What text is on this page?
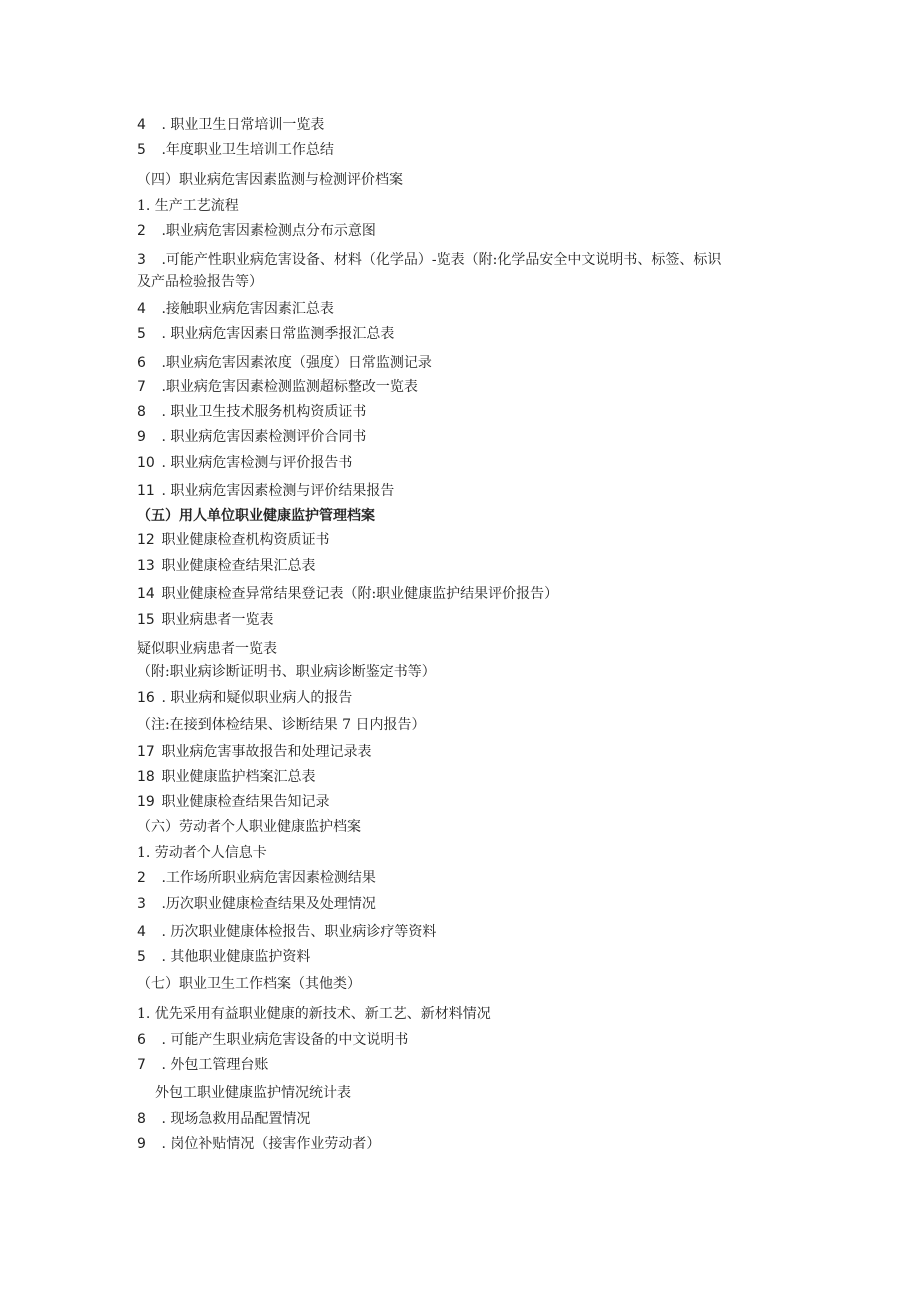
4 . 职业卫生日常培训一览表
5 .年度职业卫生培训工作总结
（四）职业病危害因素监测与检测评价档案
1. 生产工艺流程
2 .职业病危害因素检测点分布示意图
3 .可能产性职业病危害设备、材料（化学品）-览表（附:化学品安全中文说明书、标签、标识
及产品检验报告等）
4 .接触职业病危害因素汇总表
5 . 职业病危害因素日常监测季报汇总表
6 .职业病危害因素浓度（强度）日常监测记录
7 .职业病危害因素检测监测超标整改一览表
8 . 职业卫生技术服务机构资质证书
9 . 职业病危害因素检测评价合同书
10 . 职业病危害检测与评价报告书
11 . 职业病危害因素检测与评价结果报告
（五）用人单位职业健康监护管理档案
12 职业健康检查机构资质证书
13 职业健康检查结果汇总表
14 职业健康检查异常结果登记表（附:职业健康监护结果评价报告）
15 职业病患者一览表
疑似职业病患者一览表
（附:职业病诊断证明书、职业病诊断鉴定书等）
16 . 职业病和疑似职业病人的报告
（注:在接到体检结果、诊断结果 7 日内报告）
17 职业病危害事故报告和处理记录表
18 职业健康监护档案汇总表
19 职业健康检查结果告知记录
（六）劳动者个人职业健康监护档案
1. 劳动者个人信息卡
2 .工作场所职业病危害因素检测结果
3 .历次职业健康检查结果及处理情况
4 . 历次职业健康体检报告、职业病诊疗等资料
5 . 其他职业健康监护资料
（七）职业卫生工作档案（其他类）
1. 优先采用有益职业健康的新技术、新工艺、新材料情况
6 . 可能产生职业病危害设备的中文说明书
7 . 外包工管理台账
外包工职业健康监护情况统计表
8 . 现场急救用品配置情况
9 . 岗位补贴情况（接害作业劳动者）
